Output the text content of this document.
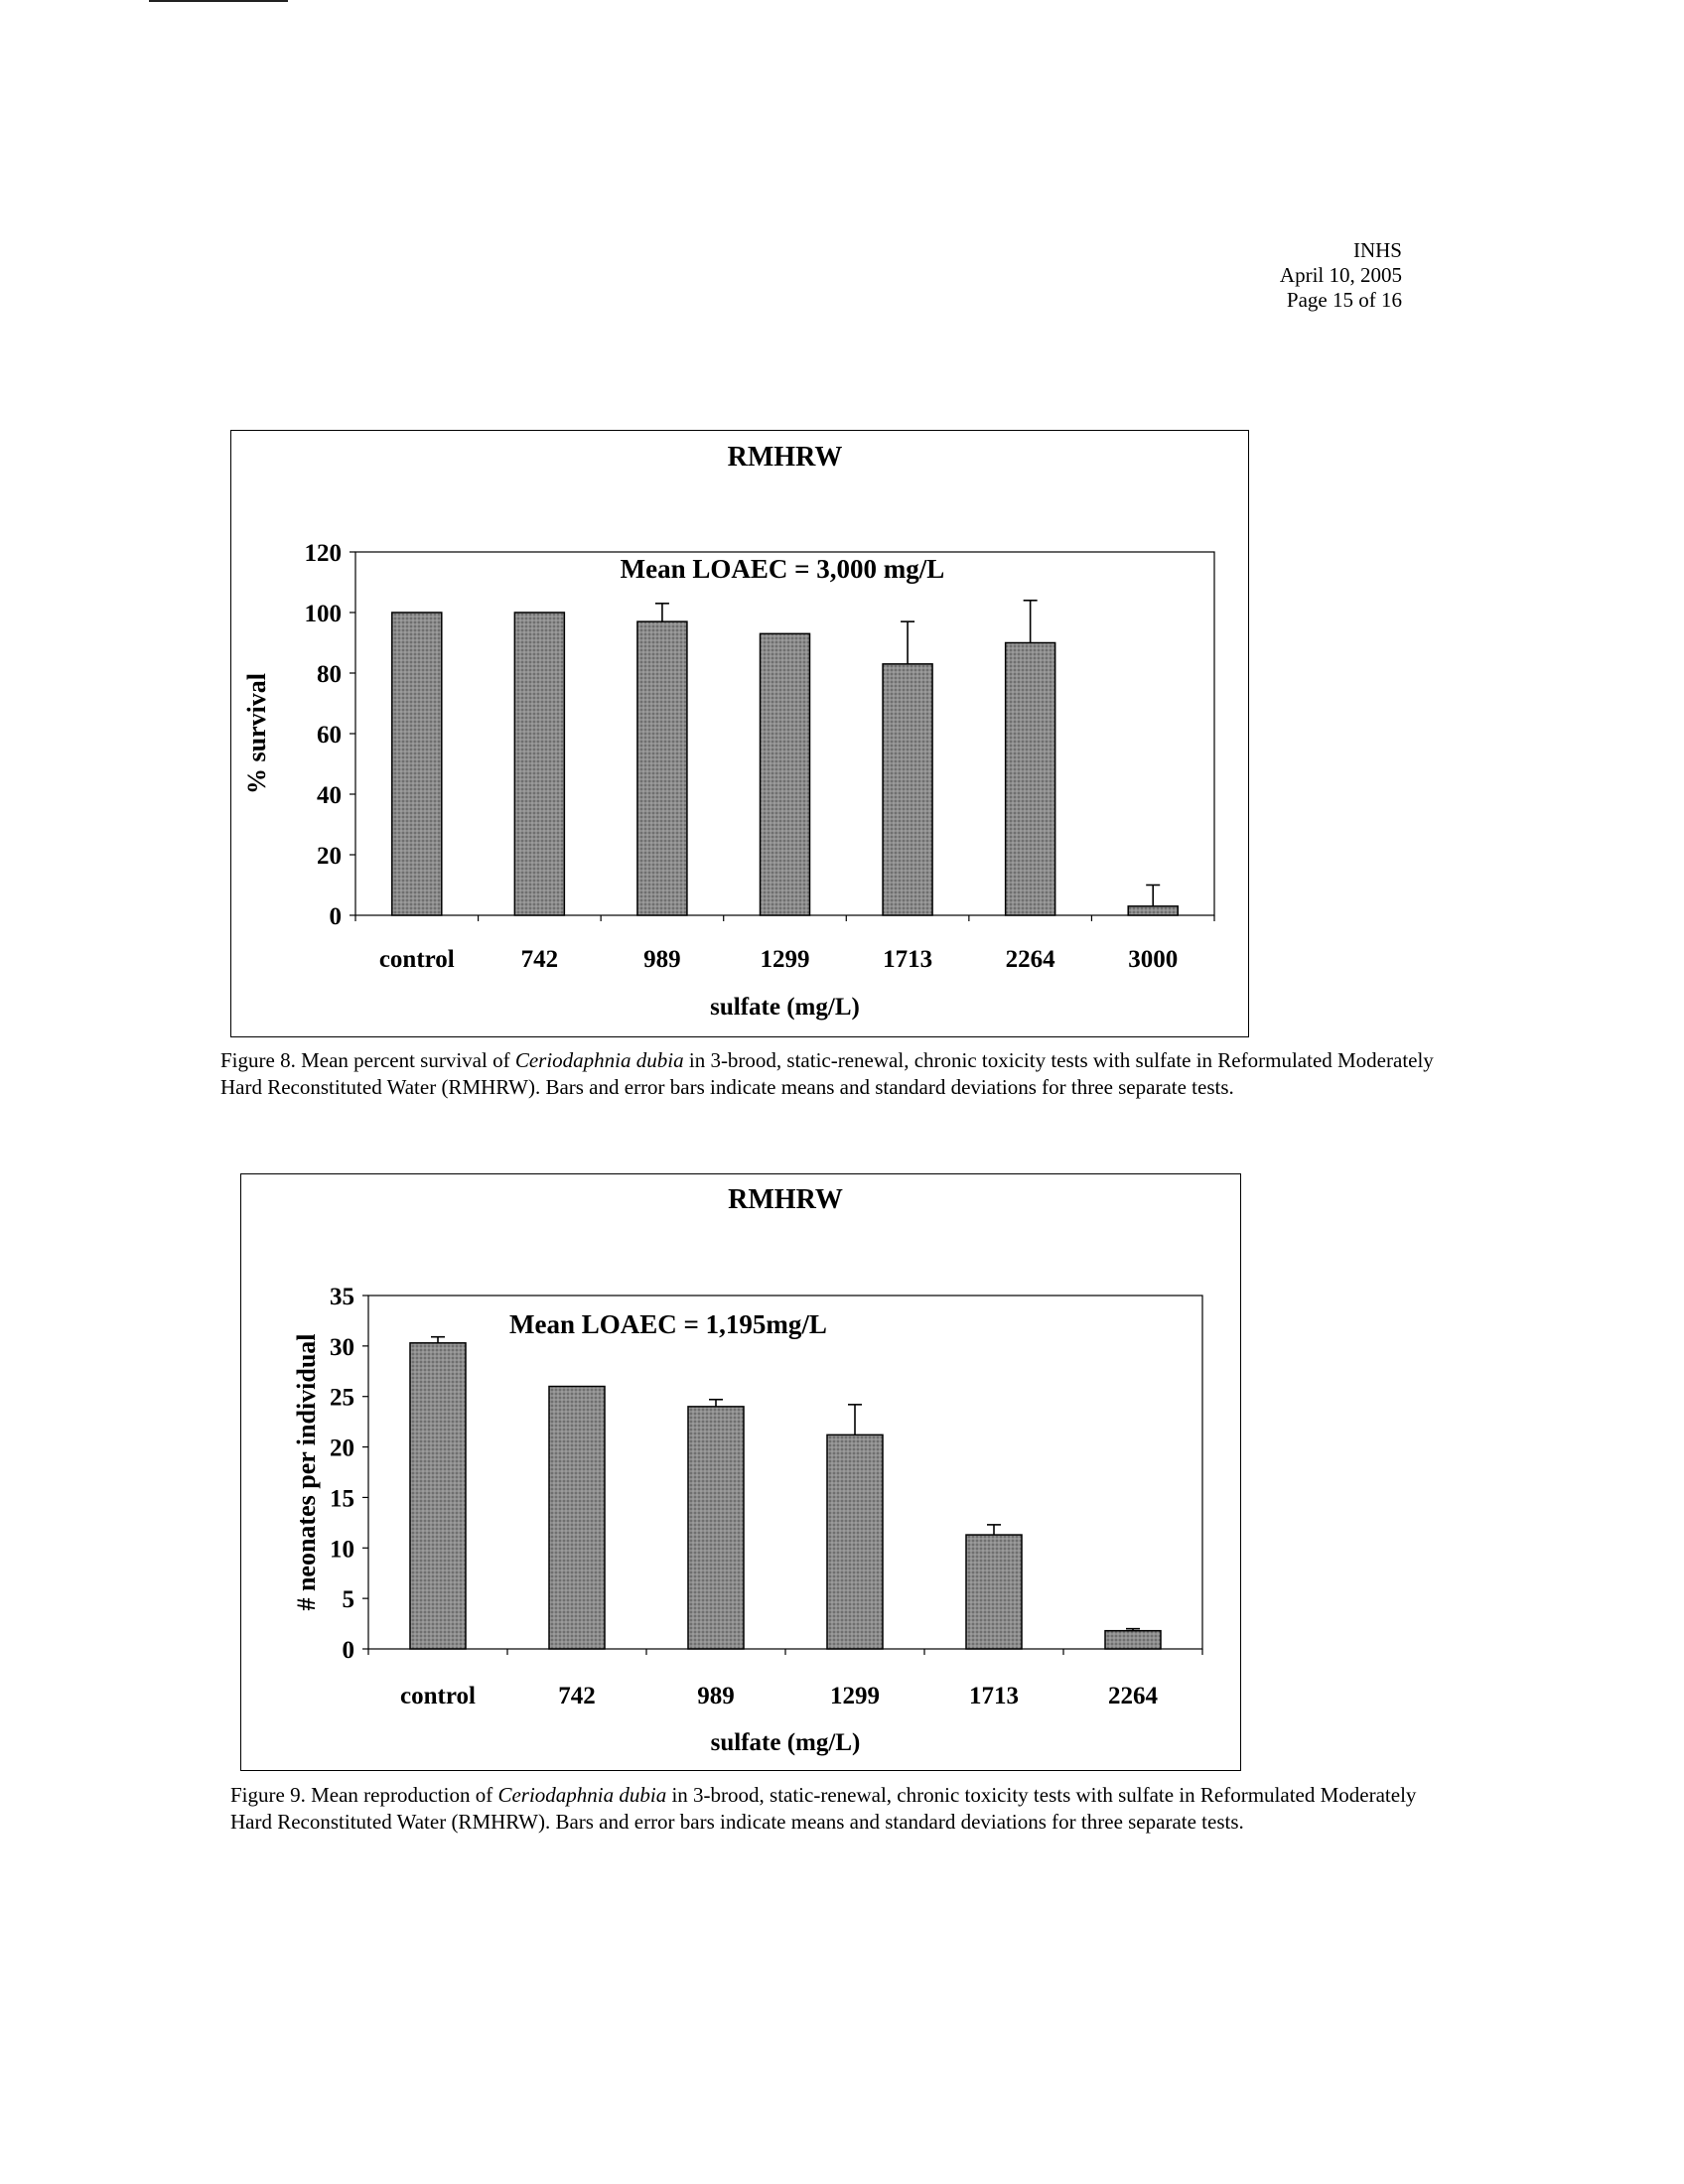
INHS
April 10, 2005
Page 15 of 16
RMHRW
0
20
40
60
80
100
120
control	742	989	1299	1713	2264	3000
Mean LOAEC = 3,000 mg/L
sulfate (mg/L)
% survival
Figure 8. Mean percent survival of Ceriodaphnia dubia in 3-brood, static-renewal, chronic toxicity tests with sulfate in Reformulated Moderately Hard Reconstituted Water (RMHRW). Bars and error bars indicate means and standard deviations for three separate tests.
RMHRW
0
5
10
15
20
25
30
35
control	742	989	1299	1713	2264
Mean LOAEC = 1,195mg/L
sulfate (mg/L)
# neonates per individual
Figure 9. Mean reproduction of Ceriodaphnia dubia in 3-brood, static-renewal, chronic toxicity tests with sulfate in Reformulated Moderately Hard Reconstituted Water (RMHRW). Bars and error bars indicate means and standard deviations for three separate tests.
